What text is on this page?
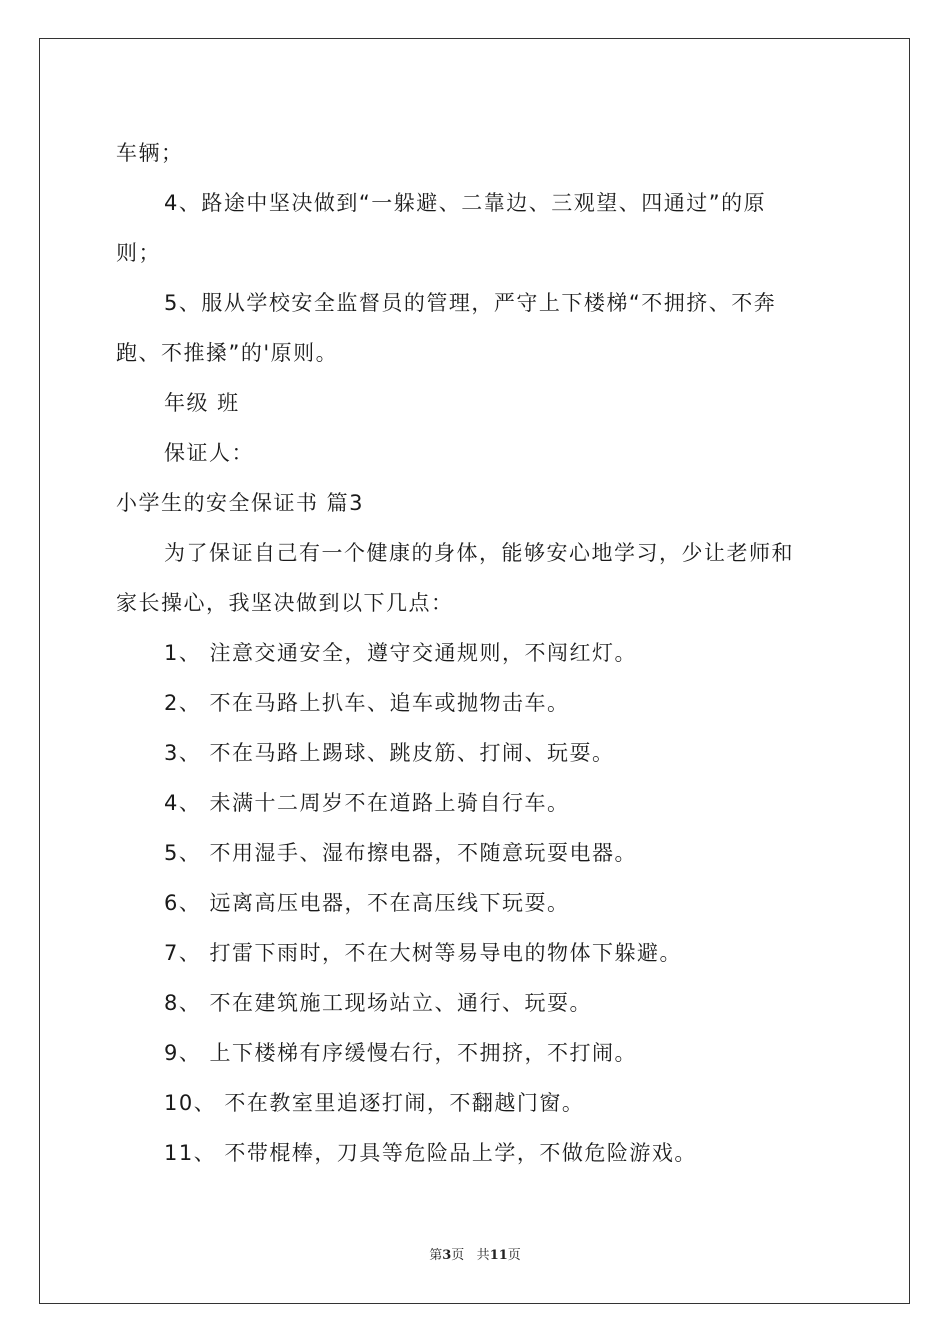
车辆；
4、路途中坚决做到“一躲避、二靠边、三观望、四通过”的原
则；
5、服从学校安全监督员的管理，严守上下楼梯“不拥挤、不奔
跑、不推搡”的'原则。
年级 班
保证人：
小学生的安全保证书 篇3
为了保证自己有一个健康的身体，能够安心地学习，少让老师和
家长操心，我坚决做到以下几点：
1、 注意交通安全，遵守交通规则，不闯红灯。
2、 不在马路上扒车、追车或抛物击车。
3、 不在马路上踢球、跳皮筋、打闹、玩耍。
4、 未满十二周岁不在道路上骑自行车。
5、 不用湿手、湿布擦电器，不随意玩耍电器。
6、 远离高压电器，不在高压线下玩耍。
7、 打雷下雨时，不在大树等易导电的物体下躲避。
8、 不在建筑施工现场站立、通行、玩耍。
9、 上下楼梯有序缓慢右行，不拥挤，不打闹。
10、 不在教室里追逐打闹，不翻越门窗。
11、 不带棍棒，刀具等危险品上学，不做危险游戏。
第3页 共11页
